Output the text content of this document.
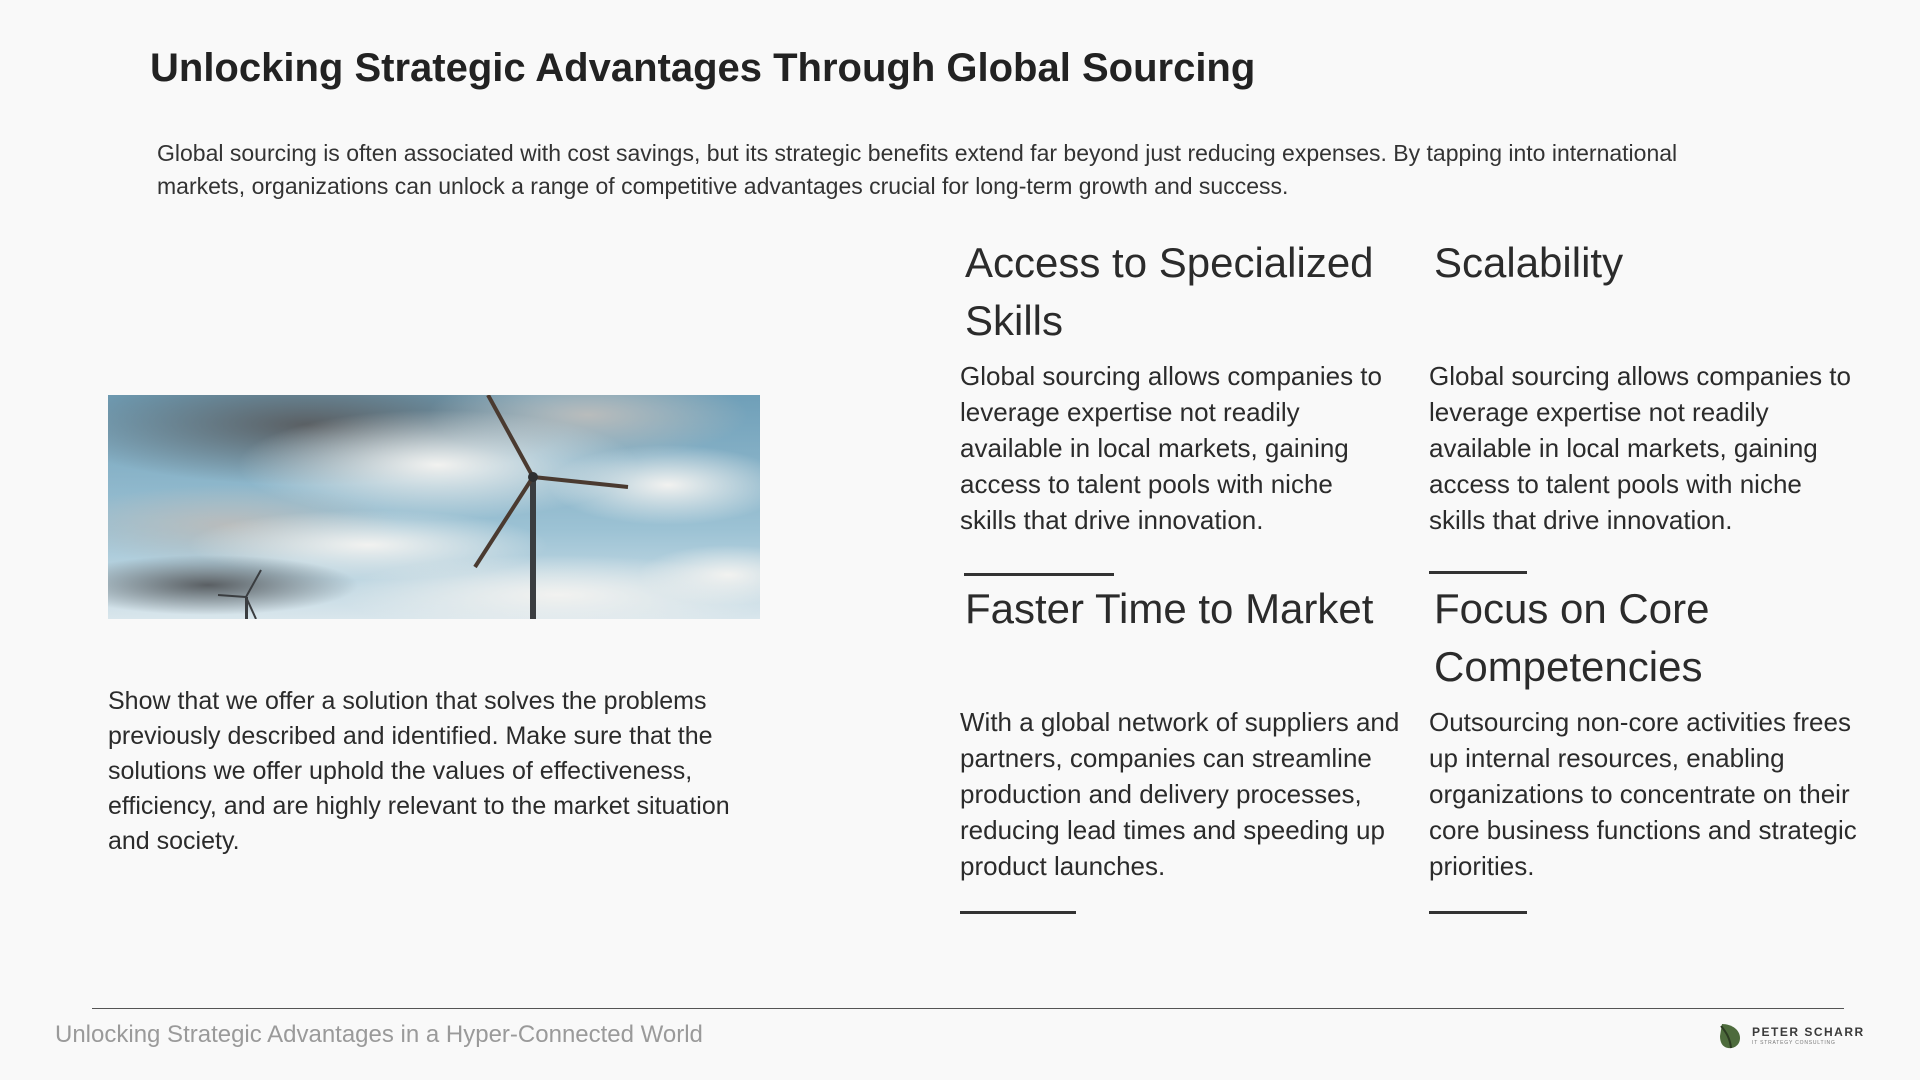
Unlocking Strategic Advantages Through Global Sourcing
Global sourcing is often associated with cost savings, but its strategic benefits extend far beyond just reducing expenses. By tapping into international markets, organizations can unlock a range of competitive advantages crucial for long-term growth and success.
Show that we offer a solution that solves the problems previously described and identified. Make sure that the solutions we offer uphold the values of effectiveness, efficiency, and are highly relevant to the market situation and society.
Access to Specialized Skills
Global sourcing allows companies to leverage expertise not readily available in local markets, gaining access to talent pools with niche skills that drive innovation.
Scalability
Global sourcing allows companies to leverage expertise not readily available in local markets, gaining access to talent pools with niche skills that drive innovation.
Faster Time to Market
With a global network of suppliers and partners, companies can streamline production and delivery processes, reducing lead times and speeding up product launches.
Focus on Core Competencies
Outsourcing non-core activities frees up internal resources, enabling organizations to concentrate on their core business functions and strategic priorities.
Unlocking Strategic Advantages in a Hyper-Connected World	PETER SCHARR
IT STRATEGY CONSULTING
